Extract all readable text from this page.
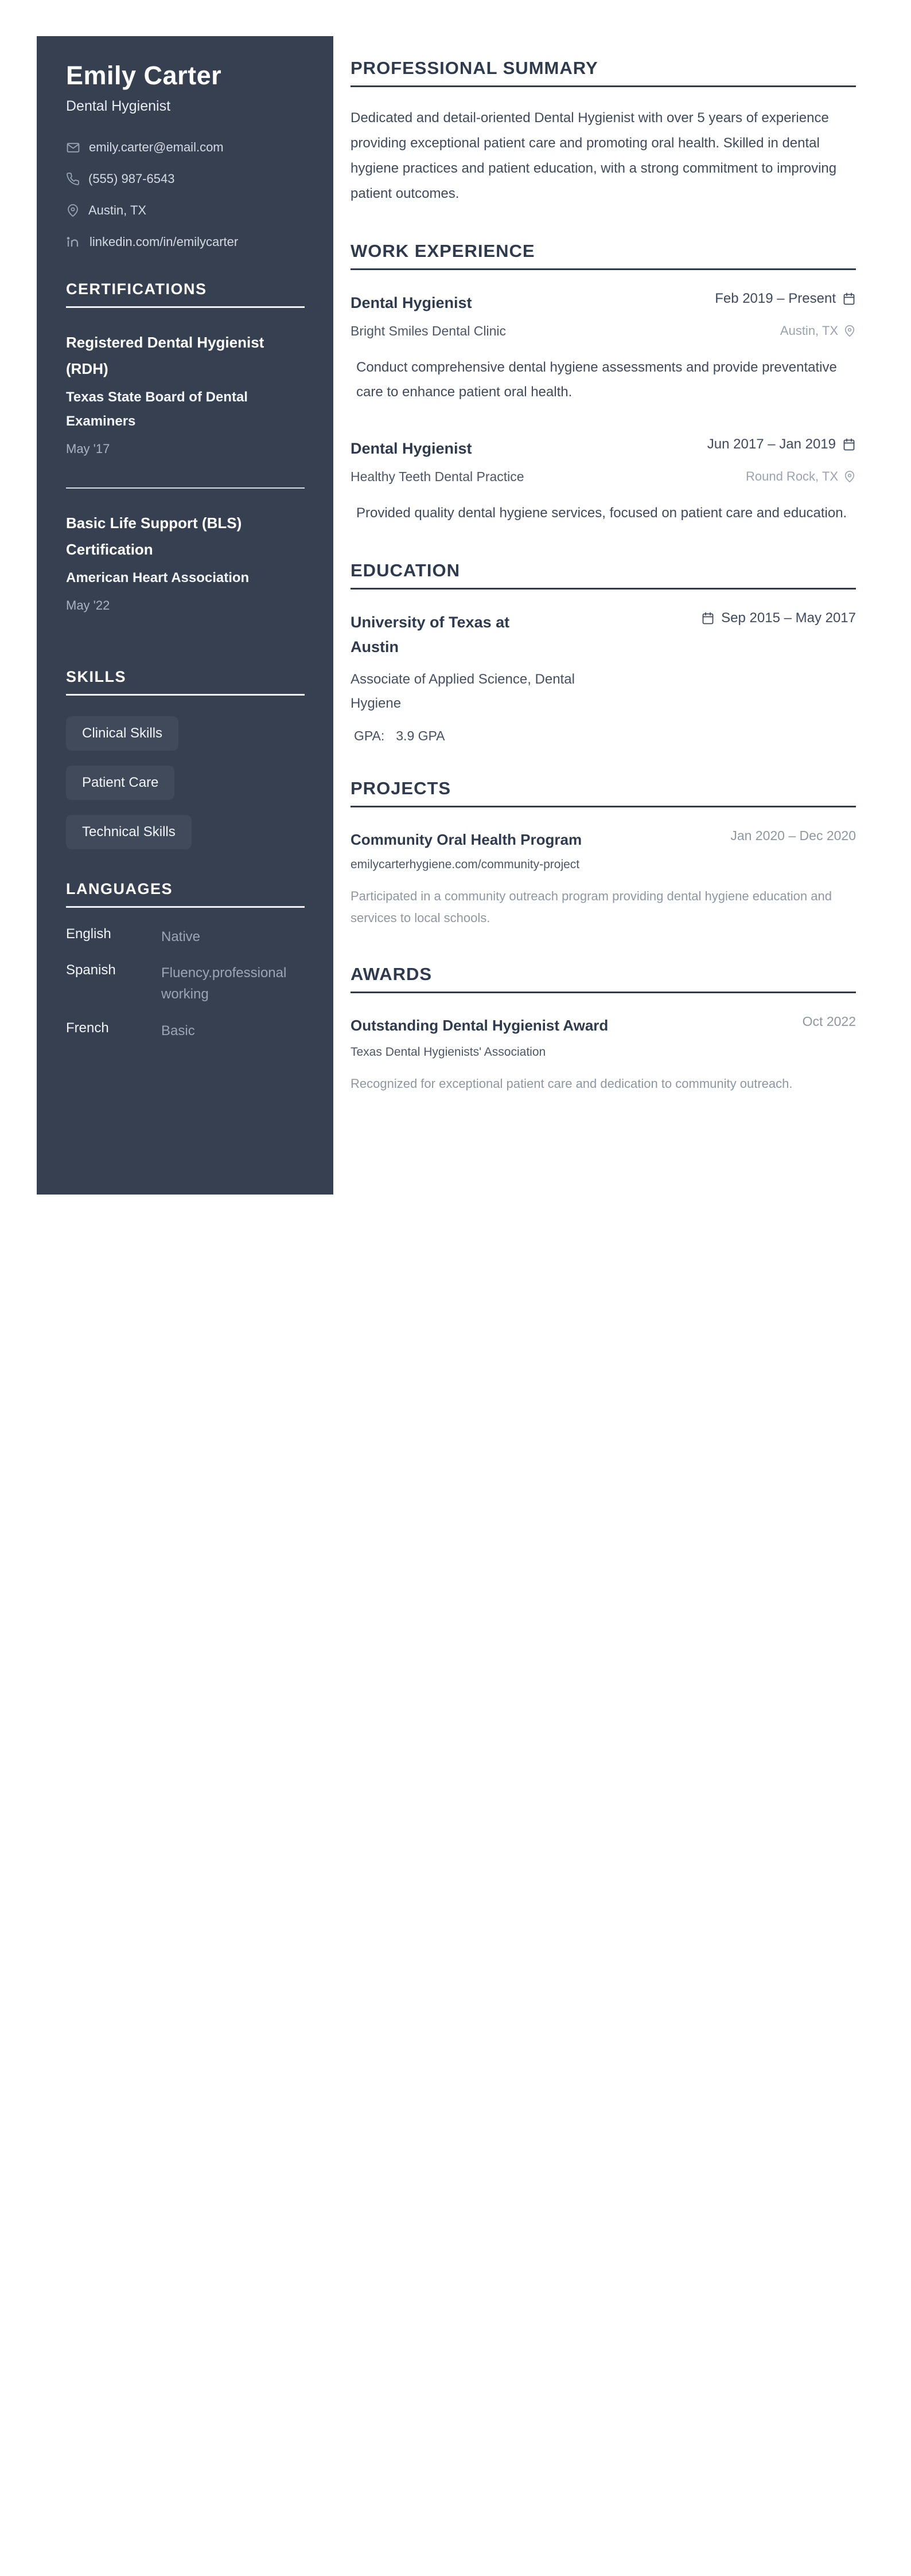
Emily Carter
Dental Hygienist
emily.carter@email.com
(555) 987-6543
Austin, TX
linkedin.com/in/emilycarter
CERTIFICATIONS
Registered Dental Hygienist (RDH)
Texas State Board of Dental Examiners
May '17
Basic Life Support (BLS) Certification
American Heart Association
May '22
SKILLS
Clinical Skills
Patient Care
Technical Skills
LANGUAGES
English	Native
Spanish	Fluency.professional working
French	Basic
PROFESSIONAL SUMMARY

Dedicated and detail-oriented Dental Hygienist with over 5 years of experience providing exceptional patient care and promoting oral health. Skilled in dental hygiene practices and patient education, with a strong commitment to improving patient outcomes.

WORK EXPERIENCE
Dental Hygienist	Feb 2019 – Present
Bright Smiles Dental Clinic	Austin, TX

Conduct comprehensive dental hygiene assessments and provide preventative care to enhance patient oral health.

Dental Hygienist	Jun 2017 – Jan 2019
Healthy Teeth Dental Practice	Round Rock, TX

Provided quality dental hygiene services, focused on patient care and education.

EDUCATION
University of Texas at Austin
Sep 2015 – May 2017
Associate of Applied Science, Dental Hygiene
GPA: 3.9 GPA
PROJECTS
Community Oral Health Program	Jan 2020 – Dec 2020
emilycarterhygiene.com/community-project

Participated in a community outreach program providing dental hygiene education and services to local schools.

AWARDS
Outstanding Dental Hygienist Award	Oct 2022
Texas Dental Hygienists' Association

Recognized for exceptional patient care and dedication to community outreach.
